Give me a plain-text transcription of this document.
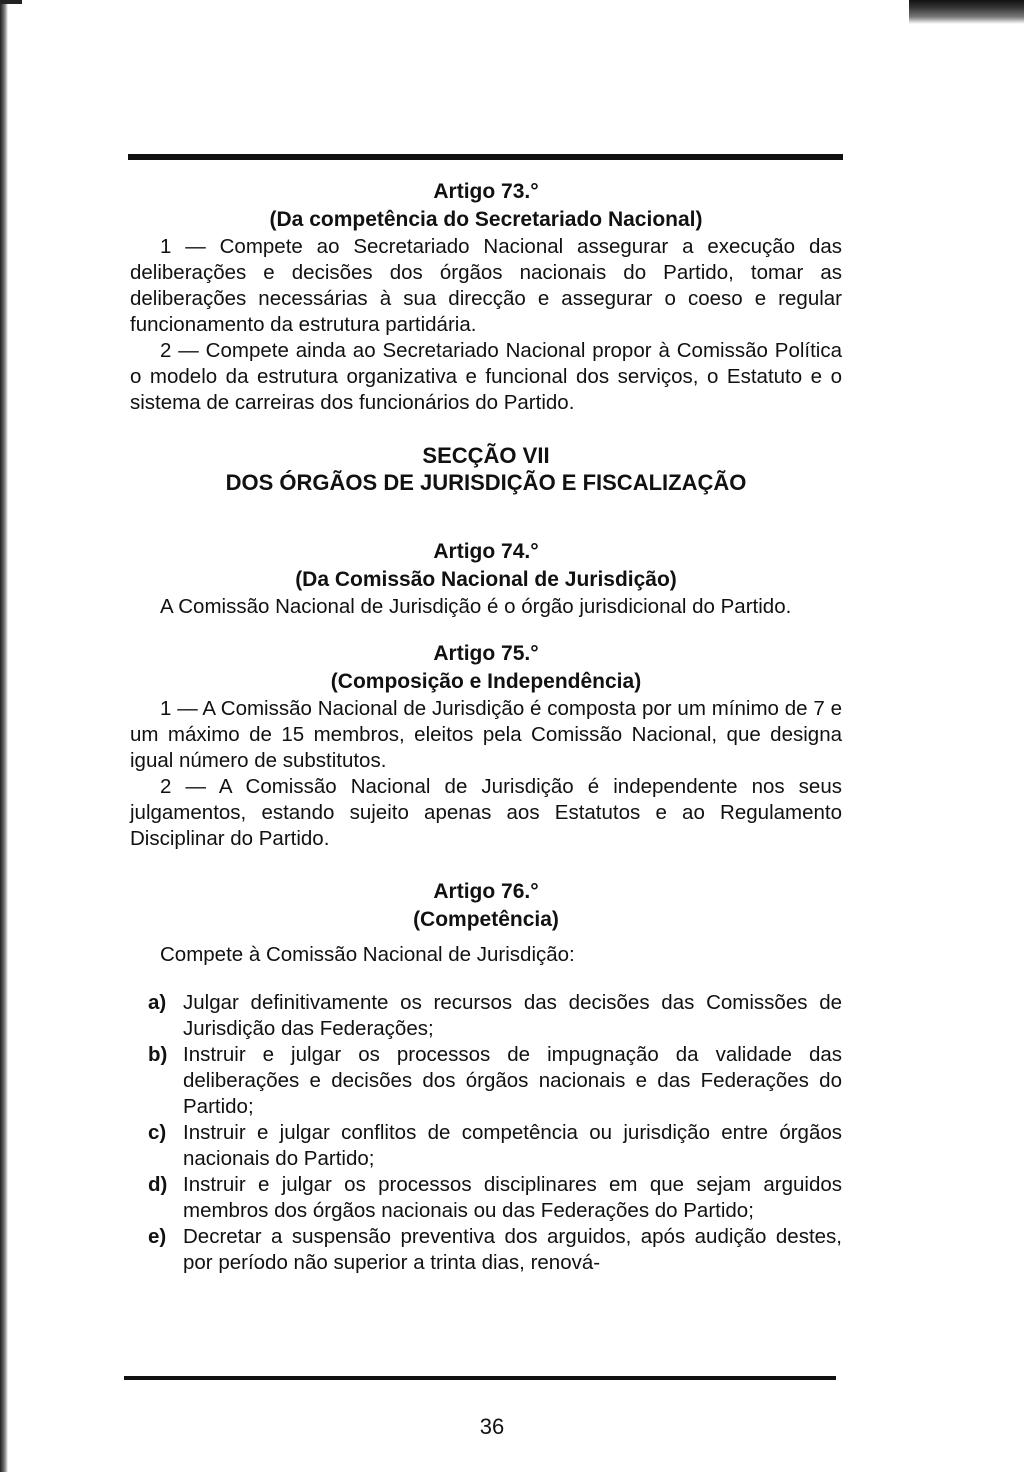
Artigo 73.°
(Da competência do Secretariado Nacional)

1 — Compete ao Secretariado Nacional assegurar a execução das deliberações e decisões dos órgãos nacionais do Partido, tomar as deliberações necessárias à sua direcção e assegurar o coeso e regular funcionamento da estrutura partidária.

2 — Compete ainda ao Secretariado Nacional propor à Comissão Política o modelo da estrutura organizativa e funcional dos serviços, o Estatuto e o sistema de carreiras dos funcionários do Partido.

SECÇÃO VII
DOS ÓRGÃOS DE JURISDIÇÃO E FISCALIZAÇÃO
Artigo 74.°
(Da Comissão Nacional de Jurisdição)

A Comissão Nacional de Jurisdição é o órgão jurisdicional do Partido.

Artigo 75.°
(Composição e Independência)

1 — A Comissão Nacional de Jurisdição é composta por um mínimo de 7 e um máximo de 15 membros, eleitos pela Comissão Nacional, que designa igual número de substitutos.

2 — A Comissão Nacional de Jurisdição é independente nos seus julgamentos, estando sujeito apenas aos Estatutos e ao Regulamento Disciplinar do Partido.

Artigo 76.°
(Competência)

Compete à Comissão Nacional de Jurisdição:

a) Julgar definitivamente os recursos das decisões das Comissões de Jurisdição das Federações;
b) Instruir e julgar os processos de impugnação da validade das deliberações e decisões dos órgãos nacionais e das Federações do Partido;
c) Instruir e julgar conflitos de competência ou jurisdição entre órgãos nacionais do Partido;
d) Instruir e julgar os processos disciplinares em que sejam arguidos membros dos órgãos nacionais ou das Federações do Partido;
e) Decretar a suspensão preventiva dos arguidos, após audição destes, por período não superior a trinta dias, renová-
36
